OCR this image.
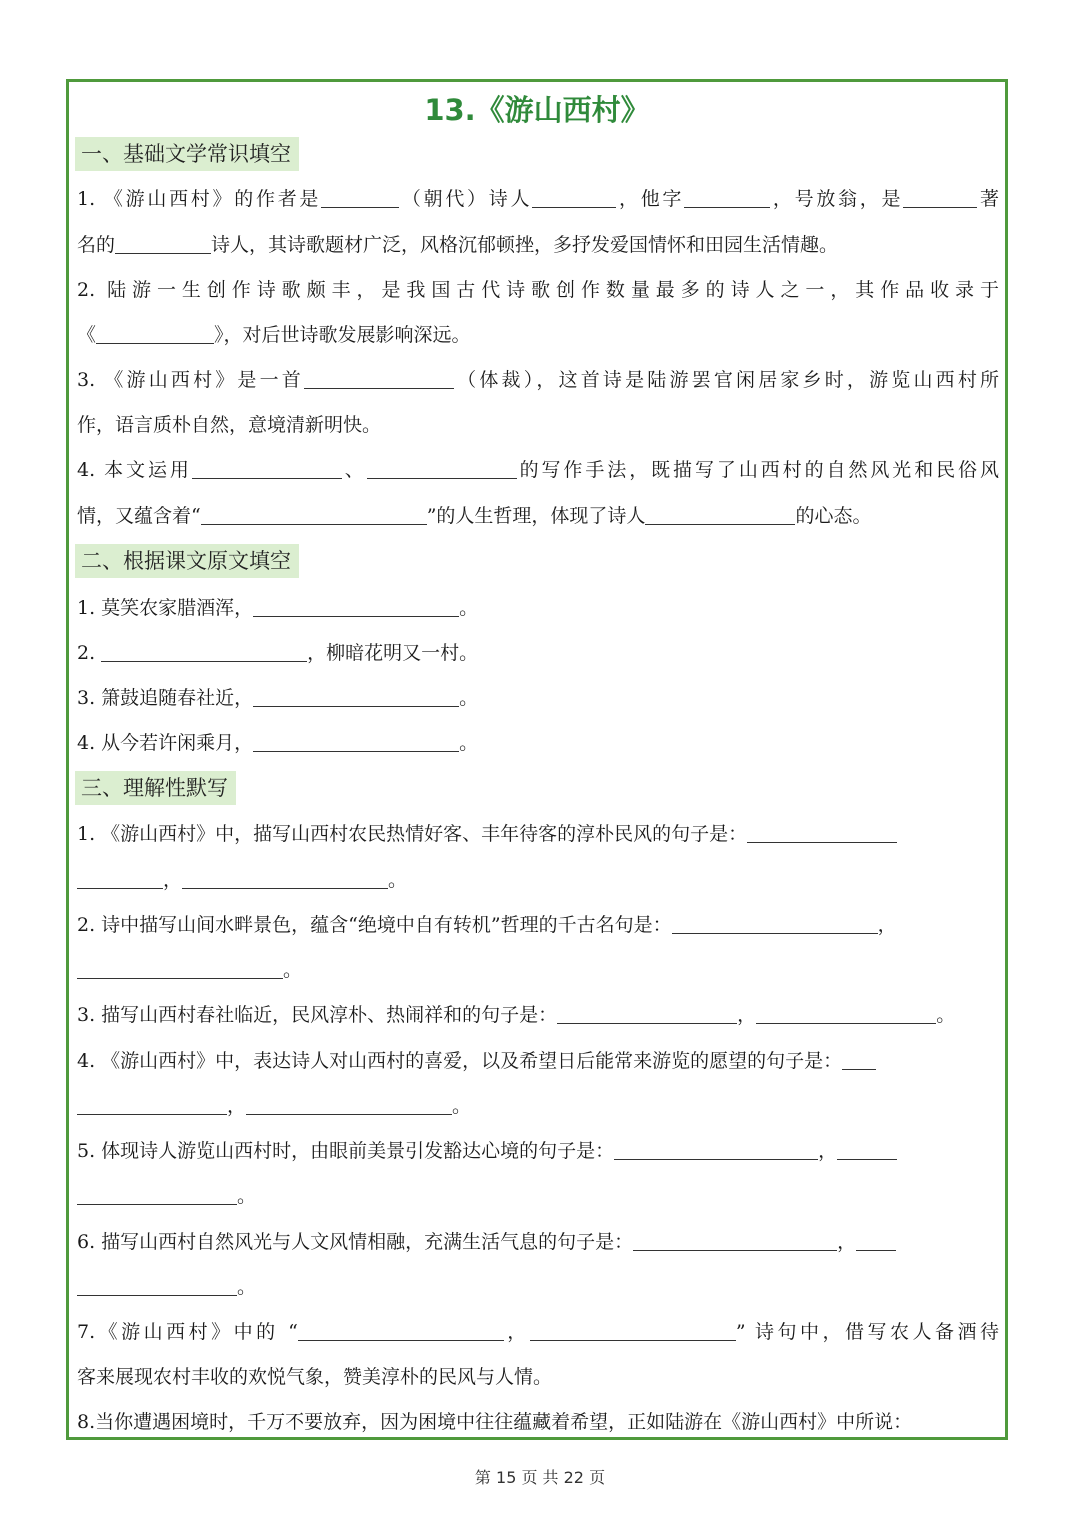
13.《游山西村》
一、基础文学常识填空
1. 《游山西村》的作者是	（朝代）诗人	，他字	，号放翁，是	著
名的	诗人，其诗歌题材广泛，风格沉郁顿挫，多抒发爱国情怀和田园生活情趣。
2. 陆游一生创作诗歌颇丰，是我国古代诗歌创作数量最多的诗人之一，其作品收录于
《	》，对后世诗歌发展影响深远。
3. 《游山西村》是一首	（体裁），这首诗是陆游罢官闲居家乡时，游览山西村所
作，语言质朴自然，意境清新明快。
4. 本文运用	、	的写作手法，既描写了山西村的自然风光和民俗风
情，又蕴含着“	”的人生哲理，体现了诗人	的心态。
二、根据课文原文填空
1. 莫笑农家腊酒浑，	。
2.	，柳暗花明又一村。
3. 箫鼓追随春社近，	。
4. 从今若许闲乘月，	。
三、理解性默写
1. 《游山西村》中，描写山西村农民热情好客、丰年待客的淳朴民风的句子是：
，	。
2. 诗中描写山间水畔景色，蕴含“绝境中自有转机”哲理的千古名句是：	，
。
3. 描写山西村春社临近，民风淳朴、热闹祥和的句子是：	，	。
4. 《游山西村》中，表达诗人对山西村的喜爱，以及希望日后能常来游览的愿望的句子是：
，	。
5. 体现诗人游览山西村时，由眼前美景引发豁达心境的句子是：	，
。
6. 描写山西村自然风光与人文风情相融，充满生活气息的句子是：	，
。
7.《游山西村》中的 “	，	” 诗句中，借写农人备酒待
客来展现农村丰收的欢悦气象，赞美淳朴的民风与人情。
8.当你遭遇困境时，千万不要放弃，因为困境中往往蕴藏着希望，正如陆游在《游山西村》中所说：
第 15 页 共 22 页
